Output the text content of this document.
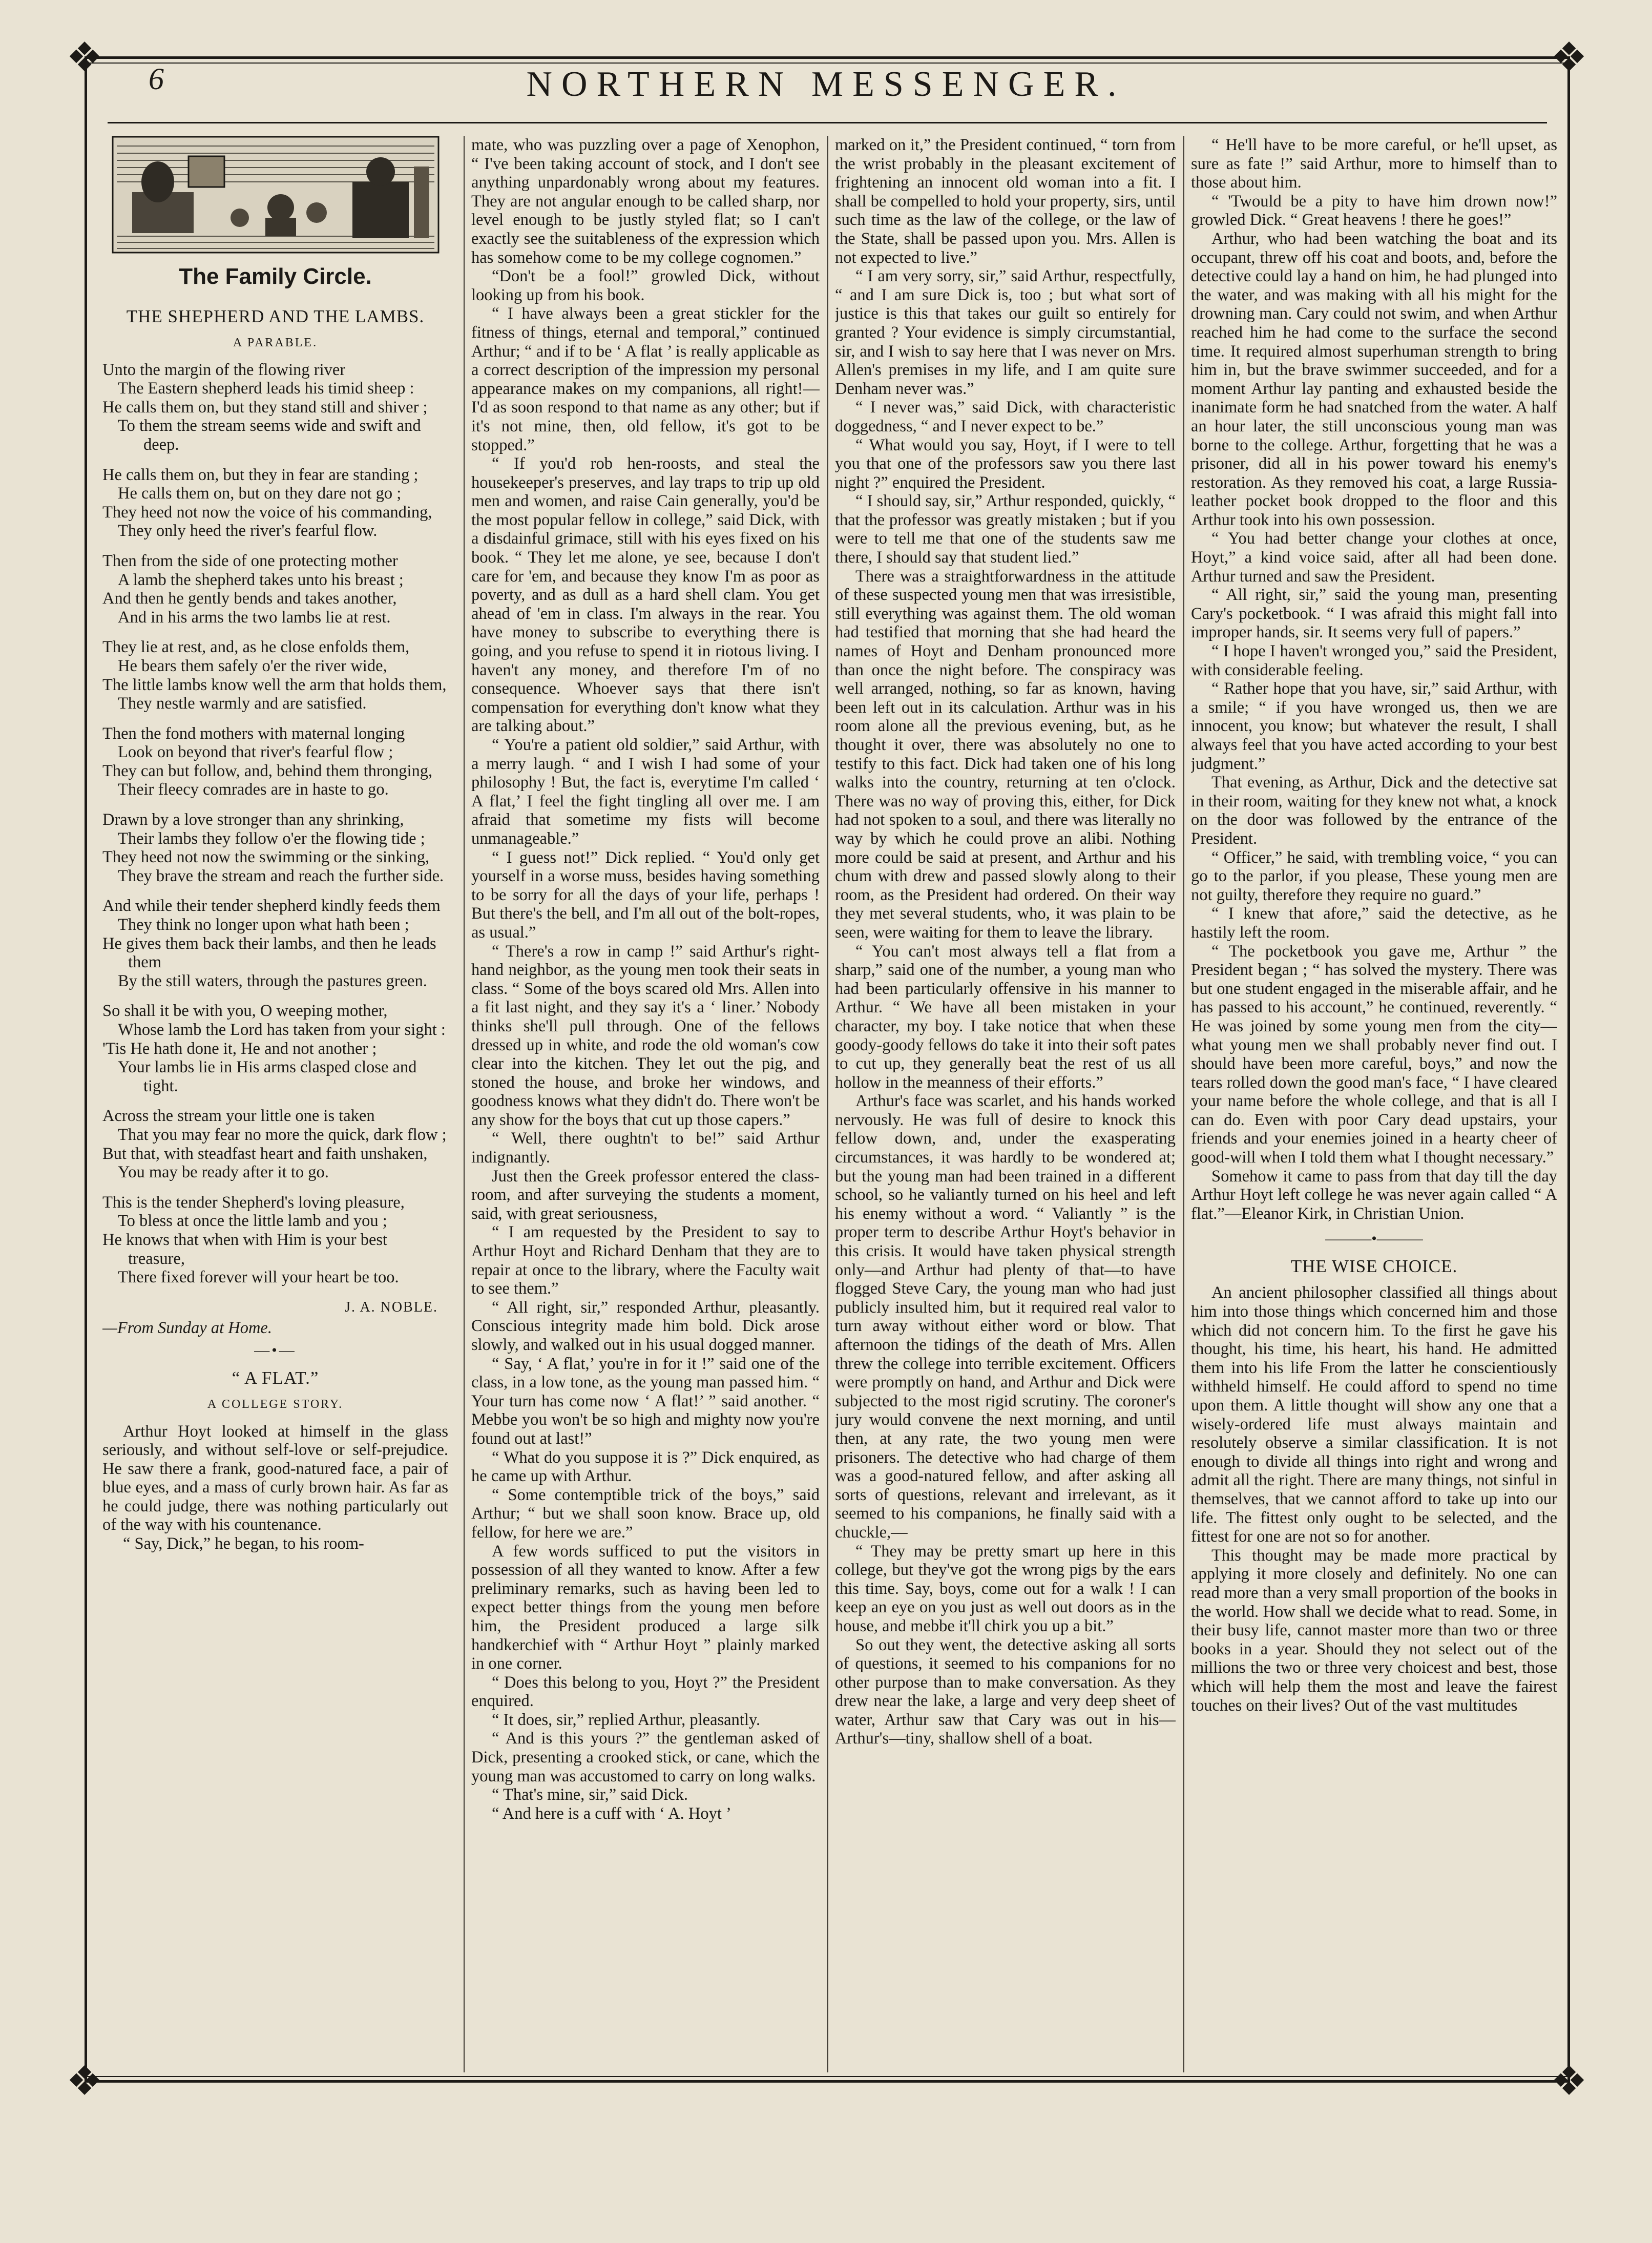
❖	❖
❖	❖
6	NORTHERN MESSENGER.
The Family Circle.
THE SHEPHERD AND THE LAMBS.
A PARABLE.
Unto the margin of the flowing river
The Eastern shepherd leads his timid sheep :
He calls them on, but they stand still and shiver ;
To them the stream seems wide and swift and deep.
He calls them on, but they in fear are standing ;
He calls them on, but on they dare not go ;
They heed not now the voice of his commanding,
They only heed the river's fearful flow.
Then from the side of one protecting mother
A lamb the shepherd takes unto his breast ;
And then he gently bends and takes another,
And in his arms the two lambs lie at rest.
They lie at rest, and, as he close enfolds them,
He bears them safely o'er the river wide,
The little lambs know well the arm that holds them,
They nestle warmly and are satisfied.
Then the fond mothers with maternal longing
Look on beyond that river's fearful flow ;
They can but follow, and, behind them thronging,
Their fleecy comrades are in haste to go.
Drawn by a love stronger than any shrinking,
Their lambs they follow o'er the flowing tide ;
They heed not now the swimming or the sinking,
They brave the stream and reach the further side.
And while their tender shepherd kindly feeds them
They think no longer upon what hath been ;
He gives them back their lambs, and then he leads them
By the still waters, through the pastures green.
So shall it be with you, O weeping mother,
Whose lamb the Lord has taken from your sight :
'Tis He hath done it, He and not another ;
Your lambs lie in His arms clasped close and tight.
Across the stream your little one is taken
That you may fear no more the quick, dark flow ;
But that, with steadfast heart and faith unshaken,
You may be ready after it to go.
This is the tender Shepherd's loving pleasure,
To bless at once the little lamb and you ;
He knows that when with Him is your best treasure,
There fixed forever will your heart be too.
J. A. NOBLE.
—From Sunday at Home.
—•—
“ A FLAT.”
A COLLEGE STORY.

Arthur Hoyt looked at himself in the glass seriously, and without self-love or self-prejudice. He saw there a frank, good-natured face, a pair of blue eyes, and a mass of curly brown hair. As far as he could judge, there was nothing particularly out of the way with his countenance.

“ Say, Dick,” he began, to his room-

mate, who was puzzling over a page of Xenophon, “ I've been taking account of stock, and I don't see anything unpardonably wrong about my features. They are not angular enough to be called sharp, nor level enough to be justly styled flat; so I can't exactly see the suitableness of the expression which has somehow come to be my college cognomen.”

“Don't be a fool!” growled Dick, without looking up from his book.

“ I have always been a great stickler for the fitness of things, eternal and temporal,” continued Arthur; “ and if to be ‘ A flat ’ is really applicable as a correct description of the impression my personal appearance makes on my companions, all right!—I'd as soon respond to that name as any other; but if it's not mine, then, old fellow, it's got to be stopped.”

“ If you'd rob hen-roosts, and steal the housekeeper's preserves, and lay traps to trip up old men and women, and raise Cain generally, you'd be the most popular fellow in college,” said Dick, with a disdainful grimace, still with his eyes fixed on his book. “ They let me alone, ye see, because I don't care for 'em, and because they know I'm as poor as poverty, and as dull as a hard shell clam. You get ahead of 'em in class. I'm always in the rear. You have money to subscribe to everything there is going, and you refuse to spend it in riotous living. I haven't any money, and therefore I'm of no consequence. Whoever says that there isn't compensation for everything don't know what they are talking about.”

“ You're a patient old soldier,” said Arthur, with a merry laugh. “ and I wish I had some of your philosophy ! But, the fact is, everytime I'm called ‘ A flat,’ I feel the fight tingling all over me. I am afraid that sometime my fists will become unmanageable.”

“ I guess not!” Dick replied. “ You'd only get yourself in a worse muss, besides having something to be sorry for all the days of your life, perhaps ! But there's the bell, and I'm all out of the bolt-ropes, as usual.”

“ There's a row in camp !” said Arthur's right-hand neighbor, as the young men took their seats in class. “ Some of the boys scared old Mrs. Allen into a fit last night, and they say it's a ‘ liner.’ Nobody thinks she'll pull through. One of the fellows dressed up in white, and rode the old woman's cow clear into the kitchen. They let out the pig, and stoned the house, and broke her windows, and goodness knows what they didn't do. There won't be any show for the boys that cut up those capers.”

“ Well, there oughtn't to be!” said Arthur indignantly.

Just then the Greek professor entered the class-room, and after surveying the students a moment, said, with great seriousness,

“ I am requested by the President to say to Arthur Hoyt and Richard Denham that they are to repair at once to the library, where the Faculty wait to see them.”

“ All right, sir,” responded Arthur, pleasantly. Conscious integrity made him bold. Dick arose slowly, and walked out in his usual dogged manner.

“ Say, ‘ A flat,’ you're in for it !” said one of the class, in a low tone, as the young man passed him. “ Your turn has come now ‘ A flat!’ ” said another. “ Mebbe you won't be so high and mighty now you're found out at last!”

“ What do you suppose it is ?” Dick enquired, as he came up with Arthur.

“ Some contemptible trick of the boys,” said Arthur; “ but we shall soon know. Brace up, old fellow, for here we are.”

A few words sufficed to put the visitors in possession of all they wanted to know. After a few preliminary remarks, such as having been led to expect better things from the young men before him, the President produced a large silk handkerchief with “ Arthur Hoyt ” plainly marked in one corner.

“ Does this belong to you, Hoyt ?” the President enquired.

“ It does, sir,” replied Arthur, pleasantly.

“ And is this yours ?” the gentleman asked of Dick, presenting a crooked stick, or cane, which the young man was accustomed to carry on long walks.

“ That's mine, sir,” said Dick.

“ And here is a cuff with ‘ A. Hoyt ’

marked on it,” the President continued, “ torn from the wrist probably in the pleasant excitement of frightening an innocent old woman into a fit. I shall be compelled to hold your property, sirs, until such time as the law of the college, or the law of the State, shall be passed upon you. Mrs. Allen is not expected to live.”

“ I am very sorry, sir,” said Arthur, respectfully, “ and I am sure Dick is, too ; but what sort of justice is this that takes our guilt so entirely for granted ? Your evidence is simply circumstantial, sir, and I wish to say here that I was never on Mrs. Allen's premises in my life, and I am quite sure Denham never was.”

“ I never was,” said Dick, with characteristic doggedness, “ and I never expect to be.”

“ What would you say, Hoyt, if I were to tell you that one of the professors saw you there last night ?” enquired the President.

“ I should say, sir,” Arthur responded, quickly, “ that the professor was greatly mistaken ; but if you were to tell me that one of the students saw me there, I should say that student lied.”

There was a straightforwardness in the attitude of these suspected young men that was irresistible, still everything was against them. The old woman had testified that morning that she had heard the names of Hoyt and Denham pronounced more than once the night before. The conspiracy was well arranged, nothing, so far as known, having been left out in its calculation. Arthur was in his room alone all the previous evening, but, as he thought it over, there was absolutely no one to testify to this fact. Dick had taken one of his long walks into the country, returning at ten o'clock. There was no way of proving this, either, for Dick had not spoken to a soul, and there was literally no way by which he could prove an alibi. Nothing more could be said at present, and Arthur and his chum with drew and passed slowly along to their room, as the President had ordered. On their way they met several students, who, it was plain to be seen, were waiting for them to leave the library.

“ You can't most always tell a flat from a sharp,” said one of the number, a young man who had been particularly offensive in his manner to Arthur. “ We have all been mistaken in your character, my boy. I take notice that when these goody-goody fellows do take it into their soft pates to cut up, they generally beat the rest of us all hollow in the meanness of their efforts.”

Arthur's face was scarlet, and his hands worked nervously. He was full of desire to knock this fellow down, and, under the exasperating circumstances, it was hardly to be wondered at; but the young man had been trained in a different school, so he valiantly turned on his heel and left his enemy without a word. “ Valiantly ” is the proper term to describe Arthur Hoyt's behavior in this crisis. It would have taken physical strength only—and Arthur had plenty of that—to have flogged Steve Cary, the young man who had just publicly insulted him, but it required real valor to turn away without either word or blow. That afternoon the tidings of the death of Mrs. Allen threw the college into terrible excitement. Officers were promptly on hand, and Arthur and Dick were subjected to the most rigid scrutiny. The coroner's jury would convene the next morning, and until then, at any rate, the two young men were prisoners. The detective who had charge of them was a good-natured fellow, and after asking all sorts of questions, relevant and irrelevant, as it seemed to his companions, he finally said with a chuckle,—

“ They may be pretty smart up here in this college, but they've got the wrong pigs by the ears this time. Say, boys, come out for a walk ! I can keep an eye on you just as well out doors as in the house, and mebbe it'll chirk you up a bit.”

So out they went, the detective asking all sorts of questions, it seemed to his companions for no other purpose than to make conversation. As they drew near the lake, a large and very deep sheet of water, Arthur saw that Cary was out in his—Arthur's—tiny, shallow shell of a boat.

“ He'll have to be more careful, or he'll upset, as sure as fate !” said Arthur, more to himself than to those about him.

“ 'Twould be a pity to have him drown now!” growled Dick. “ Great heavens ! there he goes!”

Arthur, who had been watching the boat and its occupant, threw off his coat and boots, and, before the detective could lay a hand on him, he had plunged into the water, and was making with all his might for the drowning man. Cary could not swim, and when Arthur reached him he had come to the surface the second time. It required almost superhuman strength to bring him in, but the brave swimmer succeeded, and for a moment Arthur lay panting and exhausted beside the inanimate form he had snatched from the water. A half an hour later, the still unconscious young man was borne to the college. Arthur, forgetting that he was a prisoner, did all in his power toward his enemy's restoration. As they removed his coat, a large Russia-leather pocket book dropped to the floor and this Arthur took into his own possession.

“ You had better change your clothes at once, Hoyt,” a kind voice said, after all had been done. Arthur turned and saw the President.

“ All right, sir,” said the young man, presenting Cary's pocketbook. “ I was afraid this might fall into improper hands, sir. It seems very full of papers.”

“ I hope I haven't wronged you,” said the President, with considerable feeling.

“ Rather hope that you have, sir,” said Arthur, with a smile; “ if you have wronged us, then we are innocent, you know; but whatever the result, I shall always feel that you have acted according to your best judgment.”

That evening, as Arthur, Dick and the detective sat in their room, waiting for they knew not what, a knock on the door was followed by the entrance of the President.

“ Officer,” he said, with trembling voice, “ you can go to the parlor, if you please, These young men are not guilty, therefore they require no guard.”

“ I knew that afore,” said the detective, as he hastily left the room.

“ The pocketbook you gave me, Arthur ” the President began ; “ has solved the mystery. There was but one student engaged in the miserable affair, and he has passed to his account,” he continued, reverently. “ He was joined by some young men from the city—what young men we shall probably never find out. I should have been more careful, boys,” and now the tears rolled down the good man's face, “ I have cleared your name before the whole college, and that is all I can do. Even with poor Cary dead upstairs, your friends and your enemies joined in a hearty cheer of good-will when I told them what I thought necessary.”

Somehow it came to pass from that day till the day Arthur Hoyt left college he was never again called “ A flat.”—Eleanor Kirk, in Christian Union.

———•———
THE WISE CHOICE.

An ancient philosopher classified all things about him into those things which concerned him and those which did not concern him. To the first he gave his thought, his time, his heart, his hand. He admitted them into his life From the latter he conscientiously withheld himself. He could afford to spend no time upon them. A little thought will show any one that a wisely-ordered life must always maintain and resolutely observe a similar classification. It is not enough to divide all things into right and wrong and admit all the right. There are many things, not sinful in themselves, that we cannot afford to take up into our life. The fittest only ought to be selected, and the fittest for one are not so for another.

This thought may be made more practical by applying it more closely and definitely. No one can read more than a very small proportion of the books in the world. How shall we decide what to read. Some, in their busy life, cannot master more than two or three books in a year. Should they not select out of the millions the two or three very choicest and best, those which will help them the most and leave the fairest touches on their lives? Out of the vast multitudes
